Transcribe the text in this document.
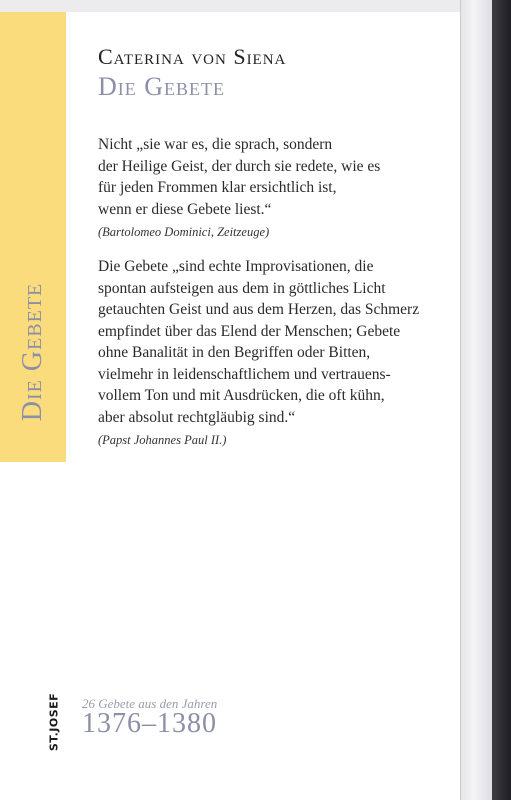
Die Gebete
Caterina von Siena
Die Gebete

Nicht „sie war es, die sprach, sondern

der Heilige Geist, der durch sie redete, wie es

für jeden Frommen klar ersichtlich ist,

wenn er diese Gebete liest.“

(Bartolomeo Dominici, Zeitzeuge)

Die Gebete „sind echte Improvisationen, die

spontan aufsteigen aus dem in göttliches Licht

getauchten Geist und aus dem Herzen, das Schmerz

empfindet über das Elend der Menschen; Gebete

ohne Banalität in den Begriffen oder Bitten,

vielmehr in leidenschaftlichem und vertrauens-

vollem Ton und mit Ausdrücken, die oft kühn,

aber absolut rechtgläubig sind.“

(Papst Johannes Paul II.)

ST.JOSEF 26 Gebete aus den Jahren
1376–1380
